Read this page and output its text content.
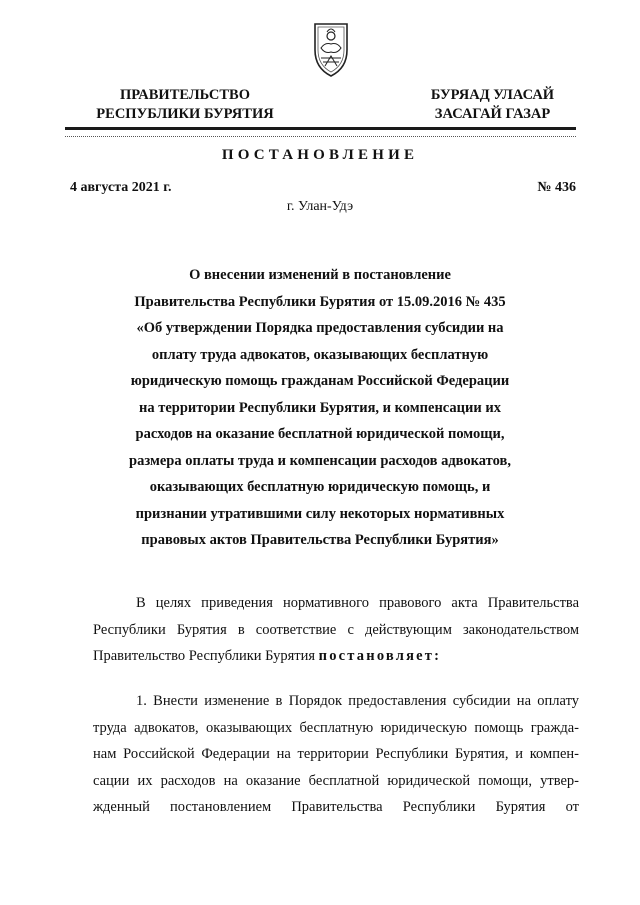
ПРАВИТЕЛЬСТВО
РЕСПУБЛИКИ БУРЯТИЯ
БУРЯАД УЛАСАЙ
ЗАСАГАЙ ГАЗАР
ПОСТАНОВЛЕНИЕ
4 августа 2021 г.	№ 436
г. Улан-Удэ
О внесении изменений в постановление
Правительства Республики Бурятия от 15.09.2016 № 435
«Об утверждении Порядка предоставления субсидии на
оплату труда адвокатов, оказывающих бесплатную
юридическую помощь гражданам Российской Федерации
на территории Республики Бурятия, и компенсации их
расходов на оказание бесплатной юридической помощи,
размера оплаты труда и компенсации расходов адвокатов,
оказывающих бесплатную юридическую помощь, и
признании утратившими силу некоторых нормативных
правовых актов Правительства Республики Бурятия»
В целях приведения нормативного правового акта Правительства
Республики Бурятия в соответствие с действующим законодательством
Правительство Республики Бурятия постановляет:
1. Внести изменение в Порядок предоставления субсидии на оплату
труда адвокатов, оказывающих бесплатную юридическую помощь гражда-
нам Российской Федерации на территории Республики Бурятия, и компен-
сации их расходов на оказание бесплатной юридической помощи, утвер-
жденный постановлением Правительства Республики Бурятия от
